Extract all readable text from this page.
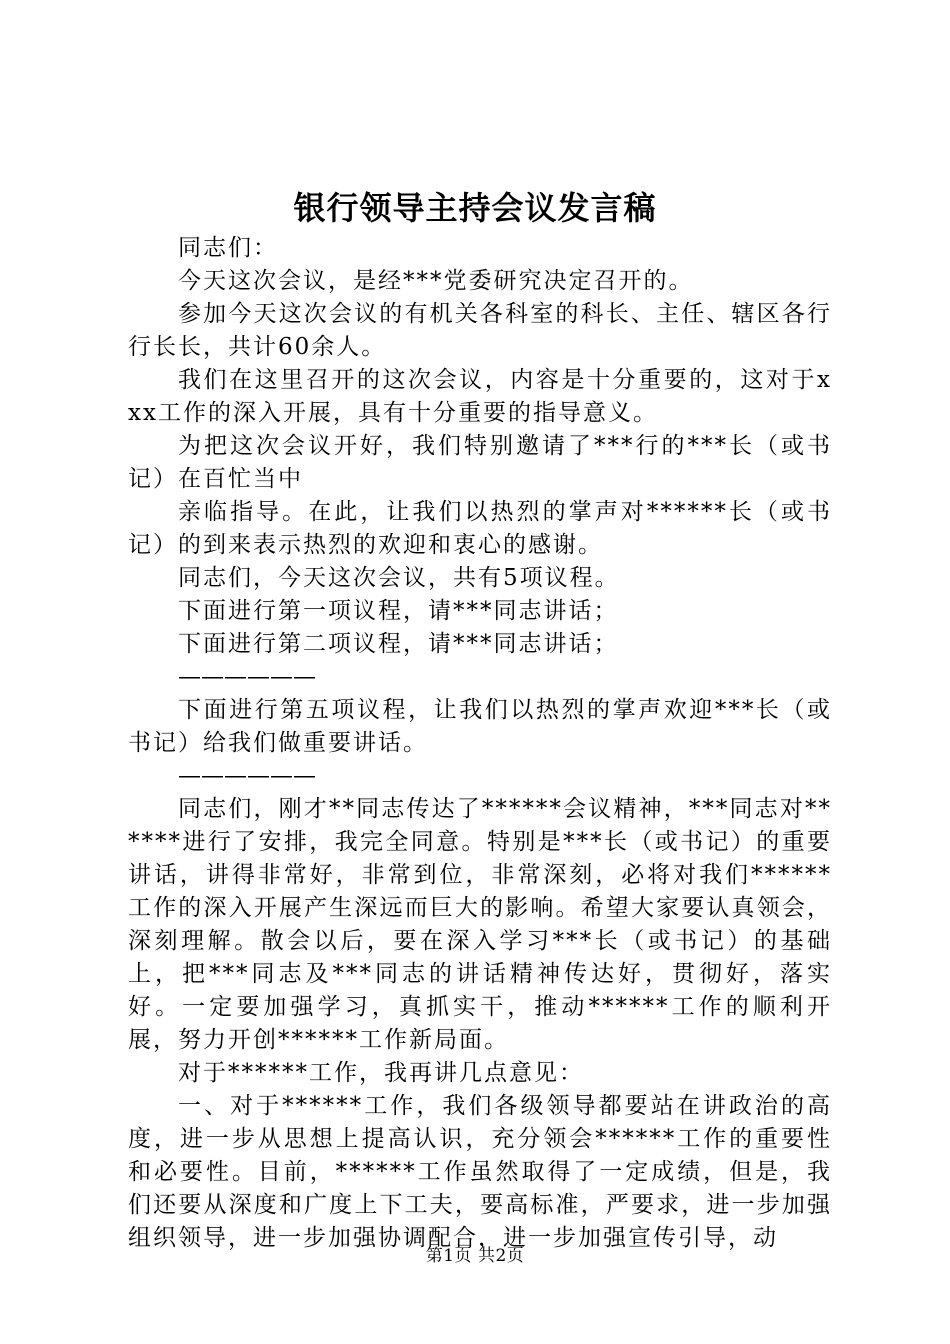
银行领导主持会议发言稿

同志们：

今天这次会议，是经***党委研究决定召开的。

参加今天这次会议的有机关各科室的科长、主任、辖区各行行长长，共计60余人。

我们在这里召开的这次会议，内容是十分重要的，这对于xxx工作的深入开展，具有十分重要的指导意义。

为把这次会议开好，我们特别邀请了***行的***长（或书记）在百忙当中

亲临指导。在此，让我们以热烈的掌声对******长（或书记）的到来表示热烈的欢迎和衷心的感谢。

同志们，今天这次会议，共有5项议程。

下面进行第一项议程，请***同志讲话；

下面进行第二项议程，请***同志讲话；

——————

下面进行第五项议程，让我们以热烈的掌声欢迎***长（或书记）给我们做重要讲话。

——————

同志们，刚才**同志传达了******会议精神，***同志对******进行了安排，我完全同意。特别是***长（或书记）的重要讲话，讲得非常好，非常到位，非常深刻，必将对我们******工作的深入开展产生深远而巨大的影响。希望大家要认真领会，深刻理解。散会以后，要在深入学习***长（或书记）的基础上，把***同志及***同志的讲话精神传达好，贯彻好，落实好。一定要加强学习，真抓实干，推动******工作的顺利开展，努力开创******工作新局面。

对于******工作，我再讲几点意见：

一、对于******工作，我们各级领导都要站在讲政治的高度，进一步从思想上提高认识，充分领会******工作的重要性和必要性。目前，******工作虽然取得了一定成绩，但是，我们还要从深度和广度上下工夫，要高标准，严要求，进一步加强组织领导，进一步加强协调配合，进一步加强宣传引导，动

第1页 共2页
